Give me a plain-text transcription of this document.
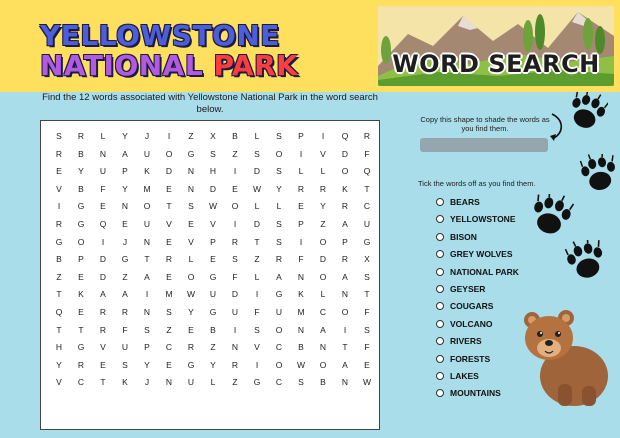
YELLOWSTONE
NATIONAL PARK	WORD SEARCH
Find the 12 words associated with Yellowstone National Park in the word search below.
S	R	L	Y	J	I	Z	X	B	L	S	P	I	Q	R
R	B	N	A	U	O	G	S	Z	S	O	I	V	D	F
E	Y	U	P	K	D	N	H	I	D	S	L	L	O	Q
V	B	F	Y	M	E	N	D	E	W	Y	R	R	K	T
I	G	E	N	O	T	S	W	O	L	L	E	Y	R	C
R	G	Q	E	U	V	E	V	I	D	S	P	Z	A	U
G	O	I	J	N	E	V	P	R	T	S	I	O	P	G
B	P	D	G	T	R	L	E	S	Z	R	F	D	R	X
Z	E	D	Z	A	E	O	G	F	L	A	N	O	A	S
T	K	A	A	I	M	W	U	D	I	G	K	L	N	T
Q	E	R	R	N	S	Y	G	U	F	U	M	C	O	F
T	T	R	F	S	Z	E	B	I	S	O	N	A	I	S
H	G	V	U	P	C	R	Z	N	V	C	B	N	T	F
Y	R	E	S	Y	E	G	Y	R	I	O	W	O	A	E
V	C	T	K	J	N	U	L	Z	G	C	S	B	N	W
Copy this shape to shade the words as you find them.
Tick the words off as you find them.
BEARS
YELLOWSTONE
BISON
GREY WOLVES
NATIONAL PARK
GEYSER
COUGARS
VOLCANO
RIVERS
FORESTS
LAKES
MOUNTAINS
